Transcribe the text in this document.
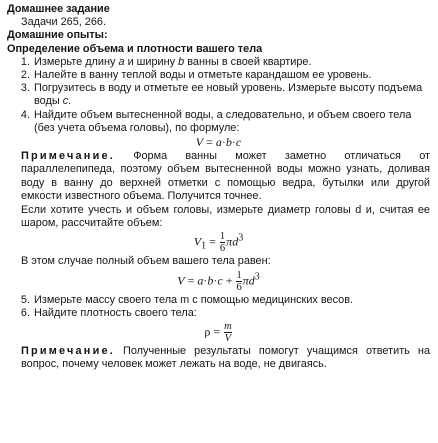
Домашнее задание

Задачи 265, 266.

Домашние опыты:

Определение объема и плотности вашего тела

1. Измерьте длину a и ширину b ванны в своей квартире.
2. Налейте в ванну теплой воды и отметьте карандашом ее уровень.
3. Погрузитесь в воду и отметьте ее новый уровень. Измерьте высоту подъема воды c.
4. Найдите объем вытесненной воды, а следовательно, и объем своего тела (без учета объема головы), по формуле:
V = a·b·c

Примечание. Форма ванны может заметно отличаться от параллелепипеда, поэтому объем вытесненной воды можно узнать, доливая воду в ванну до верхней отметки с помощью ведра, бутылки или другой емкости известного объема. Получится точнее.

Если хотите учесть и объем головы, измерьте диаметр головы d и, считая ее шаром, рассчитайте объем:

$V_1 = \frac{1}{6} \pi d^3$

В этом случае полный объем вашего тела равен:

$V = a\cdot b\cdot c + \frac{1}{6} \pi d^3$
5. Измерьте массу своего тела m с помощью медицинских весов.
6. Найдите плотность своего тела:
$\rho = \frac{m}{V}$

Примечание. Полученные результаты помогут учащимся ответить на вопрос, почему человек может лежать на воде, не двигаясь.
